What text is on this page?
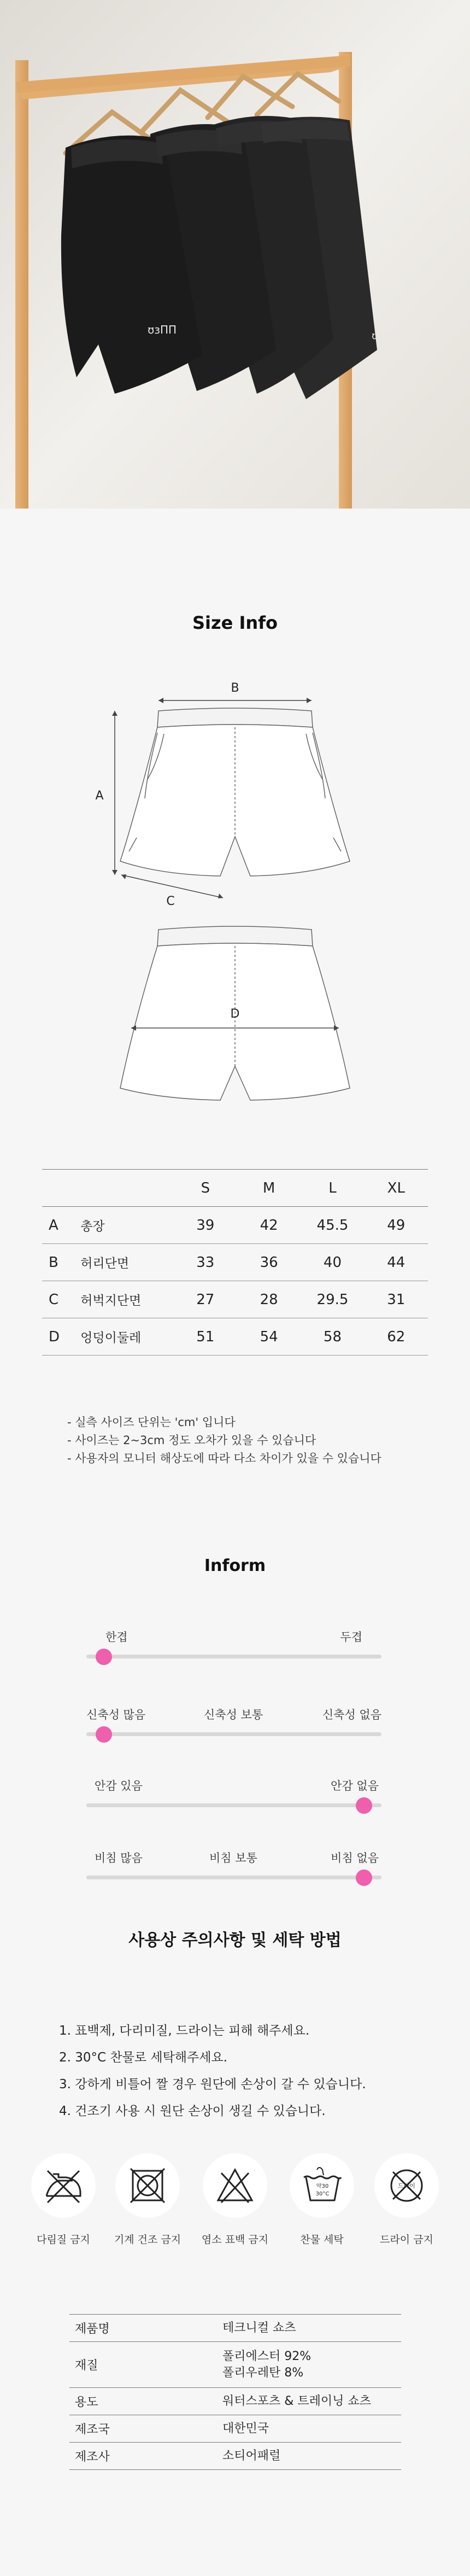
ʊɜΠΠ	ʊɜΠΠ
Size Info
B
A
C
D
		S	M	L	XL
A	총장	39	42	45.5	49
B	허리단면	33	36	40	44
C	허벅지단면	27	28	29.5	31
D	엉덩이둘레	51	54	58	62
- 실측 사이즈 단위는 'cm' 입니다
- 사이즈는 2~3cm 정도 오차가 있을 수 있습니다
- 사용자의 모니터 해상도에 따라 다소 차이가 있을 수 있습니다
Inform
한겹	두겹
신축성 많음	신축성 보통	신축성 없음
안감 있음	안감 없음
비침 많음	비침 보통	비침 없음
사용상 주의사항 및 세탁 방법
1. 표백제, 다리미질, 드라이는 피해 해주세요.
2. 30°C 찬물로 세탁해주세요.
3. 강하게 비틀어 짤 경우 원단에 손상이 갈 수 있습니다.
4. 건조기 사용 시 원단 손상이 생길 수 있습니다.
다림질 금지	기계 건조 금지	염소 표백 금지
약30
30°C
찬물 세탁
드라이
드라이 금지
제품명	테크니컬 쇼츠
재질	폴리에스터 92%
폴리우레탄 8%

용도	워터스포츠 & 트레이닝 쇼츠
제조국	대한민국
제조사	소티어패럴
